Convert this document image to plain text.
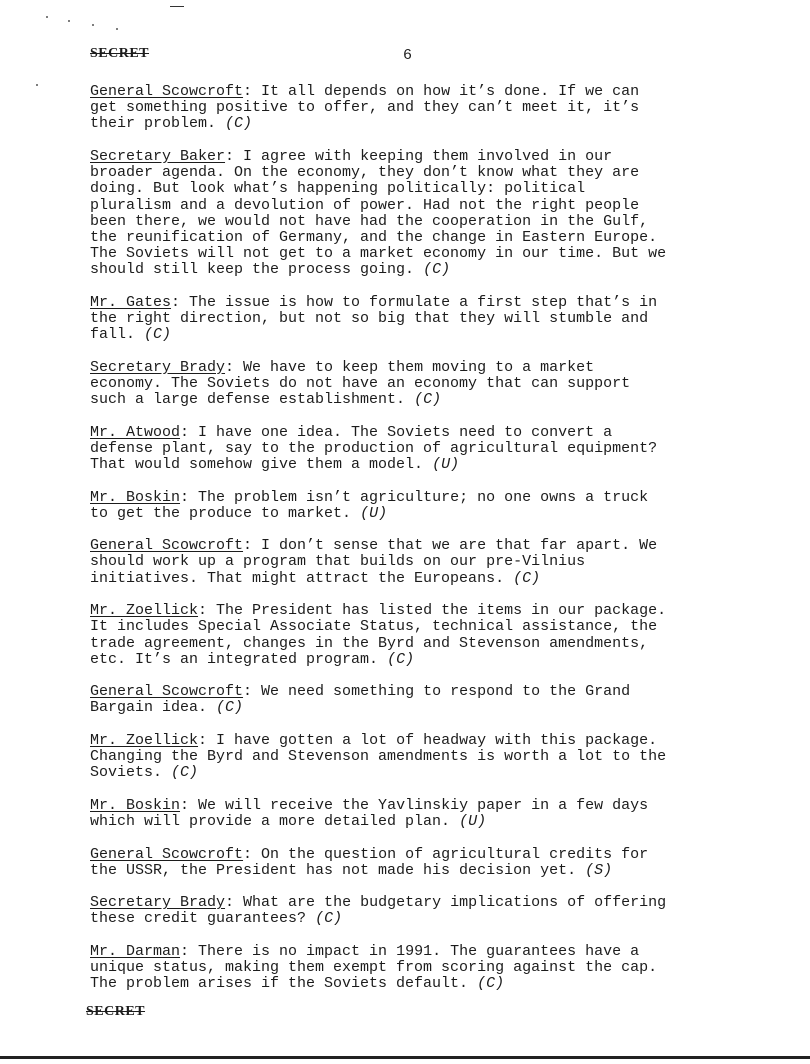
SECRET	6

General Scowcroft: It all depends on how it’s done. If we can
get something positive to offer, and they can’t meet it, it’s
their problem. (C)

Secretary Baker: I agree with keeping them involved in our
broader agenda. On the economy, they don’t know what they are
doing. But look what’s happening politically: political
pluralism and a devolution of power. Had not the right people
been there, we would not have had the cooperation in the Gulf,
the reunification of Germany, and the change in Eastern Europe.
The Soviets will not get to a market economy in our time. But we
should still keep the process going. (C)

Mr. Gates: The issue is how to formulate a first step that’s in
the right direction, but not so big that they will stumble and
fall. (C)

Secretary Brady: We have to keep them moving to a market
economy. The Soviets do not have an economy that can support
such a large defense establishment. (C)

Mr. Atwood: I have one idea. The Soviets need to convert a
defense plant, say to the production of agricultural equipment?
That would somehow give them a model. (U)

Mr. Boskin: The problem isn’t agriculture; no one owns a truck
to get the produce to market. (U)

General Scowcroft: I don’t sense that we are that far apart. We
should work up a program that builds on our pre-Vilnius
initiatives. That might attract the Europeans. (C)

Mr. Zoellick: The President has listed the items in our package.
It includes Special Associate Status, technical assistance, the
trade agreement, changes in the Byrd and Stevenson amendments,
etc. It’s an integrated program. (C)

General Scowcroft: We need something to respond to the Grand
Bargain idea. (C)

Mr. Zoellick: I have gotten a lot of headway with this package.
Changing the Byrd and Stevenson amendments is worth a lot to the
Soviets. (C)

Mr. Boskin: We will receive the Yavlinskiy paper in a few days
which will provide a more detailed plan. (U)

General Scowcroft: On the question of agricultural credits for
the USSR, the President has not made his decision yet. (S)

Secretary Brady: What are the budgetary implications of offering
these credit guarantees? (C)

Mr. Darman: There is no impact in 1991. The guarantees have a
unique status, making them exempt from scoring against the cap.
The problem arises if the Soviets default. (C)

SECRET
